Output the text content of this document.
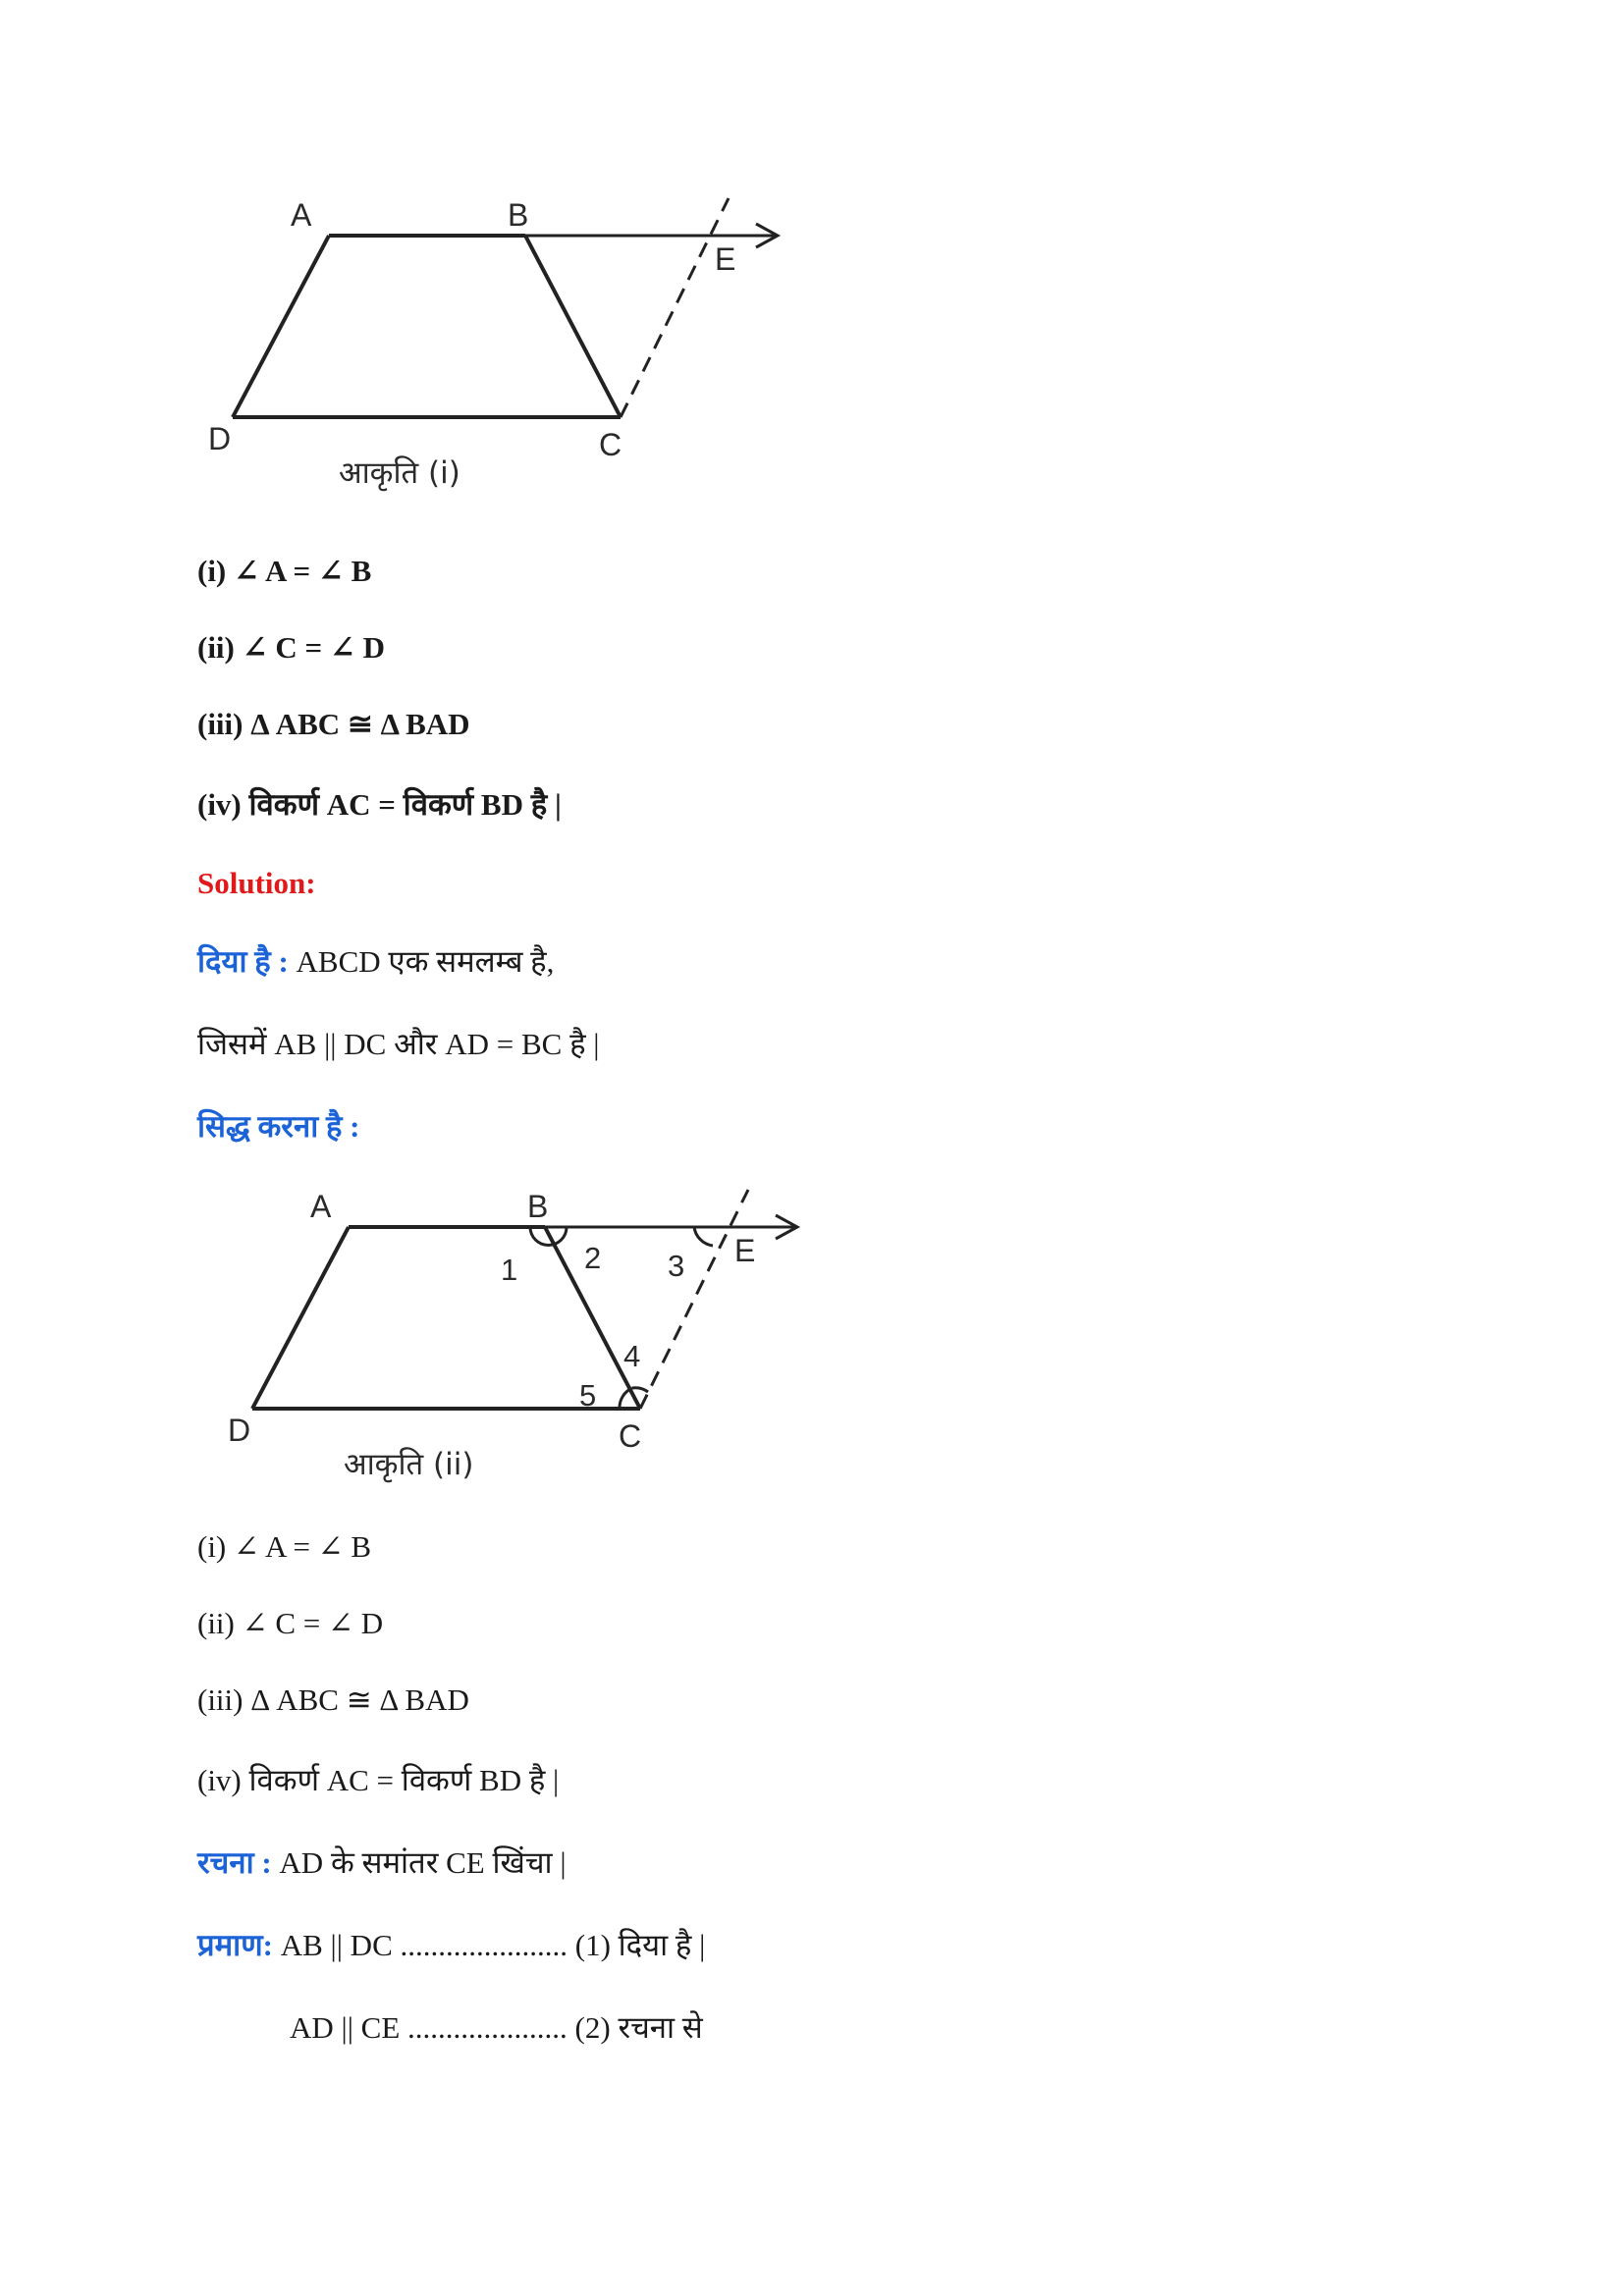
A	B
E
D	C
आकृति (i)
(i) ∠ A = ∠ B
(ii) ∠ C = ∠ D
(iii) Δ ABC ≅ Δ BAD
(iv) विकर्ण AC = विकर्ण BD है |
Solution:
दिया है : ABCD एक समलम्ब है,
जिसमें AB || DC और AD = BC है |
सिद्ध करना है :
A	B
E
D	C
1 2 3
4
5
आकृति (ii)
(i) ∠ A = ∠ B
(ii) ∠ C = ∠ D
(iii) Δ ABC ≅ Δ BAD
(iv) विकर्ण AC = विकर्ण BD है |
रचना : AD के समांतर CE खिंचा |
प्रमाण: AB || DC ...................... (1) दिया है |
AD || CE ..................... (2) रचना से
